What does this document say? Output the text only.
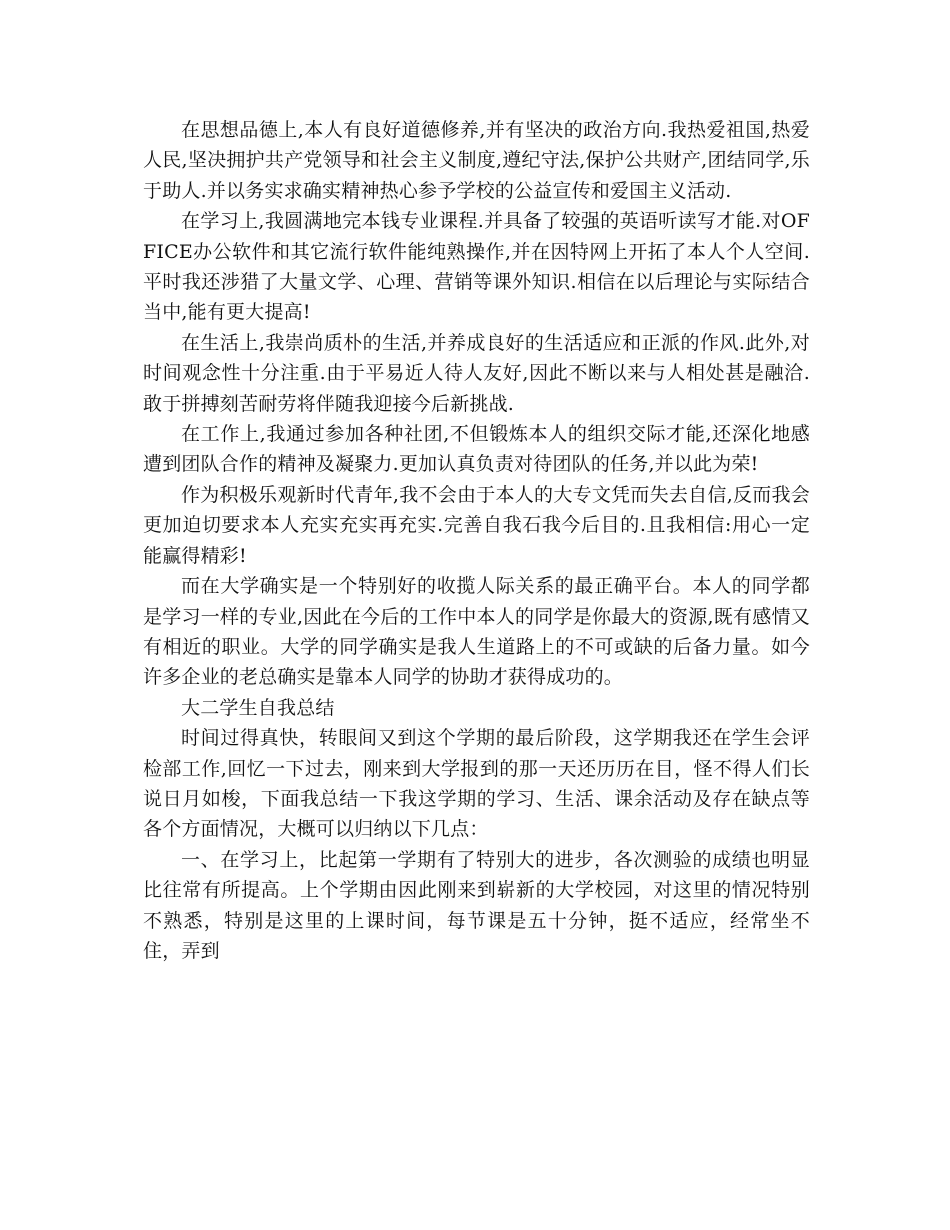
在思想品德上,本人有良好道德修养,并有坚决的政治方向.我热爱祖国,热爱人民,坚决拥护共产党领导和社会主义制度,遵纪守法,保护公共财产,团结同学,乐于助人.并以务实求确实精神热心参予学校的公益宣传和爱国主义活动.

在学习上,我圆满地完本钱专业课程.并具备了较强的英语听读写才能.对OFFICE办公软件和其它流行软件能纯熟操作,并在因特网上开拓了本人个人空间.平时我还涉猎了大量文学、心理、营销等课外知识.相信在以后理论与实际结合当中,能有更大提高!

在生活上,我崇尚质朴的生活,并养成良好的生活适应和正派的作风.此外,对时间观念性十分注重.由于平易近人待人友好,因此不断以来与人相处甚是融洽.敢于拼搏刻苦耐劳将伴随我迎接今后新挑战.

在工作上,我通过参加各种社团,不但锻炼本人的组织交际才能,还深化地感遭到团队合作的精神及凝聚力.更加认真负责对待团队的任务,并以此为荣!

作为积极乐观新时代青年,我不会由于本人的大专文凭而失去自信,反而我会更加迫切要求本人充实充实再充实.完善自我石我今后目的.且我相信:用心一定能赢得精彩!

而在大学确实是一个特别好的收揽人际关系的最正确平台。本人的同学都是学习一样的专业,因此在今后的工作中本人的同学是你最大的资源,既有感情又有相近的职业。大学的同学确实是我人生道路上的不可或缺的后备力量。如今许多企业的老总确实是靠本人同学的协助才获得成功的。

大二学生自我总结

时间过得真快，转眼间又到这个学期的最后阶段，这学期我还在学生会评检部工作,回忆一下过去，刚来到大学报到的那一天还历历在目，怪不得人们长说日月如梭，下面我总结一下我这学期的学习、生活、课余活动及存在缺点等各个方面情况，大概可以归纳以下几点：

一、在学习上，比起第一学期有了特别大的进步，各次测验的成绩也明显比往常有所提高。上个学期由因此刚来到崭新的大学校园，对这里的情况特别不熟悉，特别是这里的上课时间，每节课是五十分钟，挺不适应，经常坐不住，弄到
